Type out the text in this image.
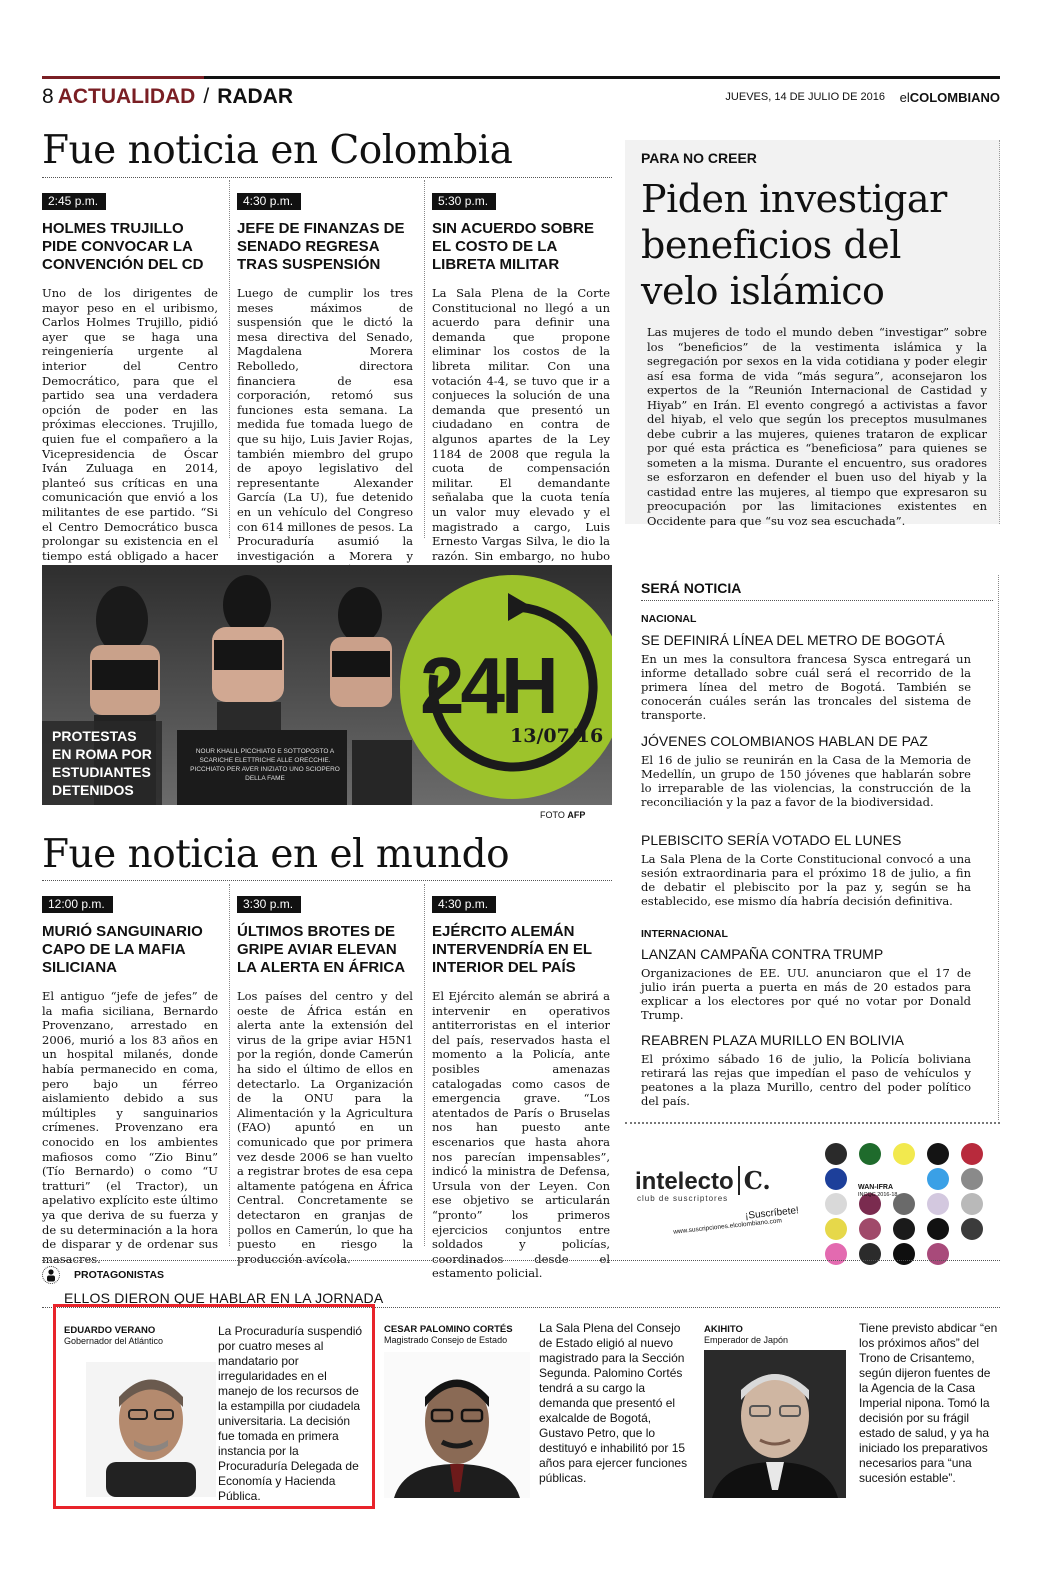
8 ACTUALIDAD / RADAR	JUEVES, 14 DE JULIO DE 2016 elCOLOMBIANO
Fue noticia en Colombia
2:45 p.m.
HOLMES TRUJILLO PIDE CONVOCAR LA CONVENCIÓN DEL CD
Uno de los dirigentes de mayor peso en el uribismo, Carlos Holmes Trujillo, pidió ayer que se haga una reingeniería urgente al interior del Centro Democrático, para que el partido sea una verdadera opción de poder en las próximas elecciones. Trujillo, quien fue el compañero a la Vicepresidencia de Óscar Iván Zuluaga en 2014, planteó sus críticas en una comunicación que envió a los militantes de ese partido. “Si el Centro Democrático busca prolongar su existencia en el tiempo está obligado a hacer
4:30 p.m.
JEFE DE FINANZAS DE SENADO REGRESA TRAS SUSPENSIÓN
Luego de cumplir los tres meses máximos de suspensión que le dictó la mesa directiva del Senado, Magdalena Morera Rebolledo, directora financiera de esa corporación, retomó sus funciones esta semana. La medida fue tomada luego de que su hijo, Luis Javier Rojas, también miembro del grupo de apoyo legislativo del representante Alexander García (La U), fue detenido en un vehículo del Congreso con 614 millones de pesos. La Procuraduría asumió la investigación a Morera y
5:30 p.m.
SIN ACUERDO SOBRE EL COSTO DE LA LIBRETA MILITAR
La Sala Plena de la Corte Constitucional no llegó a un acuerdo para definir una demanda que propone eliminar los costos de la libreta militar. Con una votación 4-4, se tuvo que ir a conjueces la solución de una demanda que presentó un ciudadano en contra de algunos apartes de la Ley 1184 de 2008 que regula la cuota de compensación militar. El demandante señalaba que la cuota tenía un valor muy elevado y el magistrado a cargo, Luis Ernesto Vargas Silva, le dio la razón. Sin embargo, no hubo
PARA NO CREER
Piden investigar beneficios del velo islámico
Las mujeres de todo el mundo deben “investigar” sobre los “beneficios” de la vestimenta islámica y la segregación por sexos en la vida cotidiana y poder elegir así esa forma de vida “más segura”, aconsejaron los expertos de la “Reunión Internacional de Castidad y Hiyab” en Irán. El evento congregó a activistas a favor del hiyab, el velo que según los preceptos musulmanes debe cubrir a las mujeres, quienes trataron de explicar por qué esta práctica es “beneficiosa” para quienes se someten a la misma. Durante el encuentro, sus oradores se esforzaron en defender el buen uso del hiyab y la castidad entre las mujeres, al tiempo que expresaron su preocupación por las limitaciones existentes en Occidente para que “su voz sea escuchada”.
24H
13/07/16
NOUR KHALIL PICCHIATO E SOTTOPOSTO A SCARICHE ELETTRICHE ALLE ORECCHIE. PICCHIATO PER AVER INIZIATO UNO SCIOPERO DELLA FAME
PROTESTAS EN ROMA POR ESTUDIANTES DETENIDOS
FOTO AFP
SERÁ NOTICIA
NACIONAL
SE DEFINIRÁ LÍNEA DEL METRO DE BOGOTÁ
En un mes la consultora francesa Sysca entregará un informe detallado sobre cuál será el recorrido de la primera línea del metro de Bogotá. También se conocerán cuáles serán las troncales del sistema de transporte.
JÓVENES COLOMBIANOS HABLAN DE PAZ
El 16 de julio se reunirán en la Casa de la Memoria de Medellín, un grupo de 150 jóvenes que hablarán sobre lo irreparable de las violencias, la construcción de la reconciliación y la paz a favor de la biodiversidad.
PLEBISCITO SERÍA VOTADO EL LUNES
La Sala Plena de la Corte Constitucional convocó a una sesión extraordinaria para el próximo 18 de julio, a fin de debatir el plebiscito por la paz y, según se ha establecido, ese mismo día habría decisión definitiva.
INTERNACIONAL
LANZAN CAMPAÑA CONTRA TRUMP
Organizaciones de EE. UU. anunciaron que el 17 de julio irán puerta a puerta en más de 20 estados para explicar a los electores por qué no votar por Donald Trump.
REABREN PLAZA MURILLO EN BOLIVIA
El próximo sábado 16 de julio, la Policía boliviana retirará las rejas que impedían el paso de vehículos y peatones a la plaza Murillo, centro del poder político del país.
Fue noticia en el mundo
12:00 p.m.
MURIÓ SANGUINARIO CAPO DE LA MAFIA SILICIANA
El antiguo “jefe de jefes” de la mafia siciliana, Bernardo Provenzano, arrestado en 2006, murió a los 83 años en un hospital milanés, donde había permanecido en coma, pero bajo un férreo aislamiento debido a sus múltiples y sanguinarios crímenes. Provenzano era conocido en los ambientes mafiosos como “Zio Binu” (Tío Bernardo) o como “U tratturi” (el Tractor), un apelativo explícito este último ya que deriva de su fuerza y de su determinación a la hora de disparar y de ordenar sus masacres.
3:30 p.m.
ÚLTIMOS BROTES DE GRIPE AVIAR ELEVAN LA ALERTA EN ÁFRICA
Los países del centro y del oeste de África están en alerta ante la extensión del virus de la gripe aviar H5N1 por la región, donde Camerún ha sido el último de ellos en detectarlo. La Organización de la ONU para la Alimentación y la Agricultura (FAO) apuntó en un comunicado que por primera vez desde 2006 se han vuelto a registrar brotes de esa cepa altamente patógena en África Central. Concretamente se detectaron en granjas de pollos en Camerún, lo que ha puesto en riesgo la producción avícola.
4:30 p.m.
EJÉRCITO ALEMÁN INTERVENDRÍA EN EL INTERIOR DEL PAÍS
El Ejército alemán se abrirá a intervenir en operativos antiterroristas en el interior del país, reservados hasta el momento a la Policía, ante posibles amenazas catalogadas como casos de emergencia grave. “Los atentados de París o Bruselas nos han puesto ante escenarios que hasta ahora nos parecían impensables”, indicó la ministra de Defensa, Ursula von der Leyen. Con ese objetivo se articularán “pronto” los primeros ejercicios conjuntos entre soldados y policías, coordinados desde el estamento policial.
intelecto C.
club de suscriptores
¡Suscríbete!
www.suscripciones.elcolombiano.com
WAN-IFRA
INCQC 2016-18
PROTAGONISTAS
ELLOS DIERON QUE HABLAR EN LA JORNADA
EDUARDO VERANO
Gobernador del Atlántico
La Procuraduría suspendió por cuatro meses al mandatario por irregularidades en el manejo de los recursos de la estampilla por ciudadela universitaria. La decisión fue tomada en primera instancia por la Procuraduría Delegada de Economía y Hacienda Pública.
CESAR PALOMINO CORTÉS
Magistrado Consejo de Estado
La Sala Plena del Consejo de Estado eligió al nuevo magistrado para la Sección Segunda. Palomino Cortés tendrá a su cargo la demanda que presentó el exalcalde de Bogotá, Gustavo Petro, que lo destituyó e inhabilitó por 15 años para ejercer funciones públicas.
AKIHITO
Emperador de Japón
Tiene previsto abdicar “en los próximos años” del Trono de Crisantemo, según dijeron fuentes de la Agencia de la Casa Imperial nipona. Tomó la decisión por su frágil estado de salud, y ya ha iniciado los preparativos necesarios para “una sucesión estable”.
